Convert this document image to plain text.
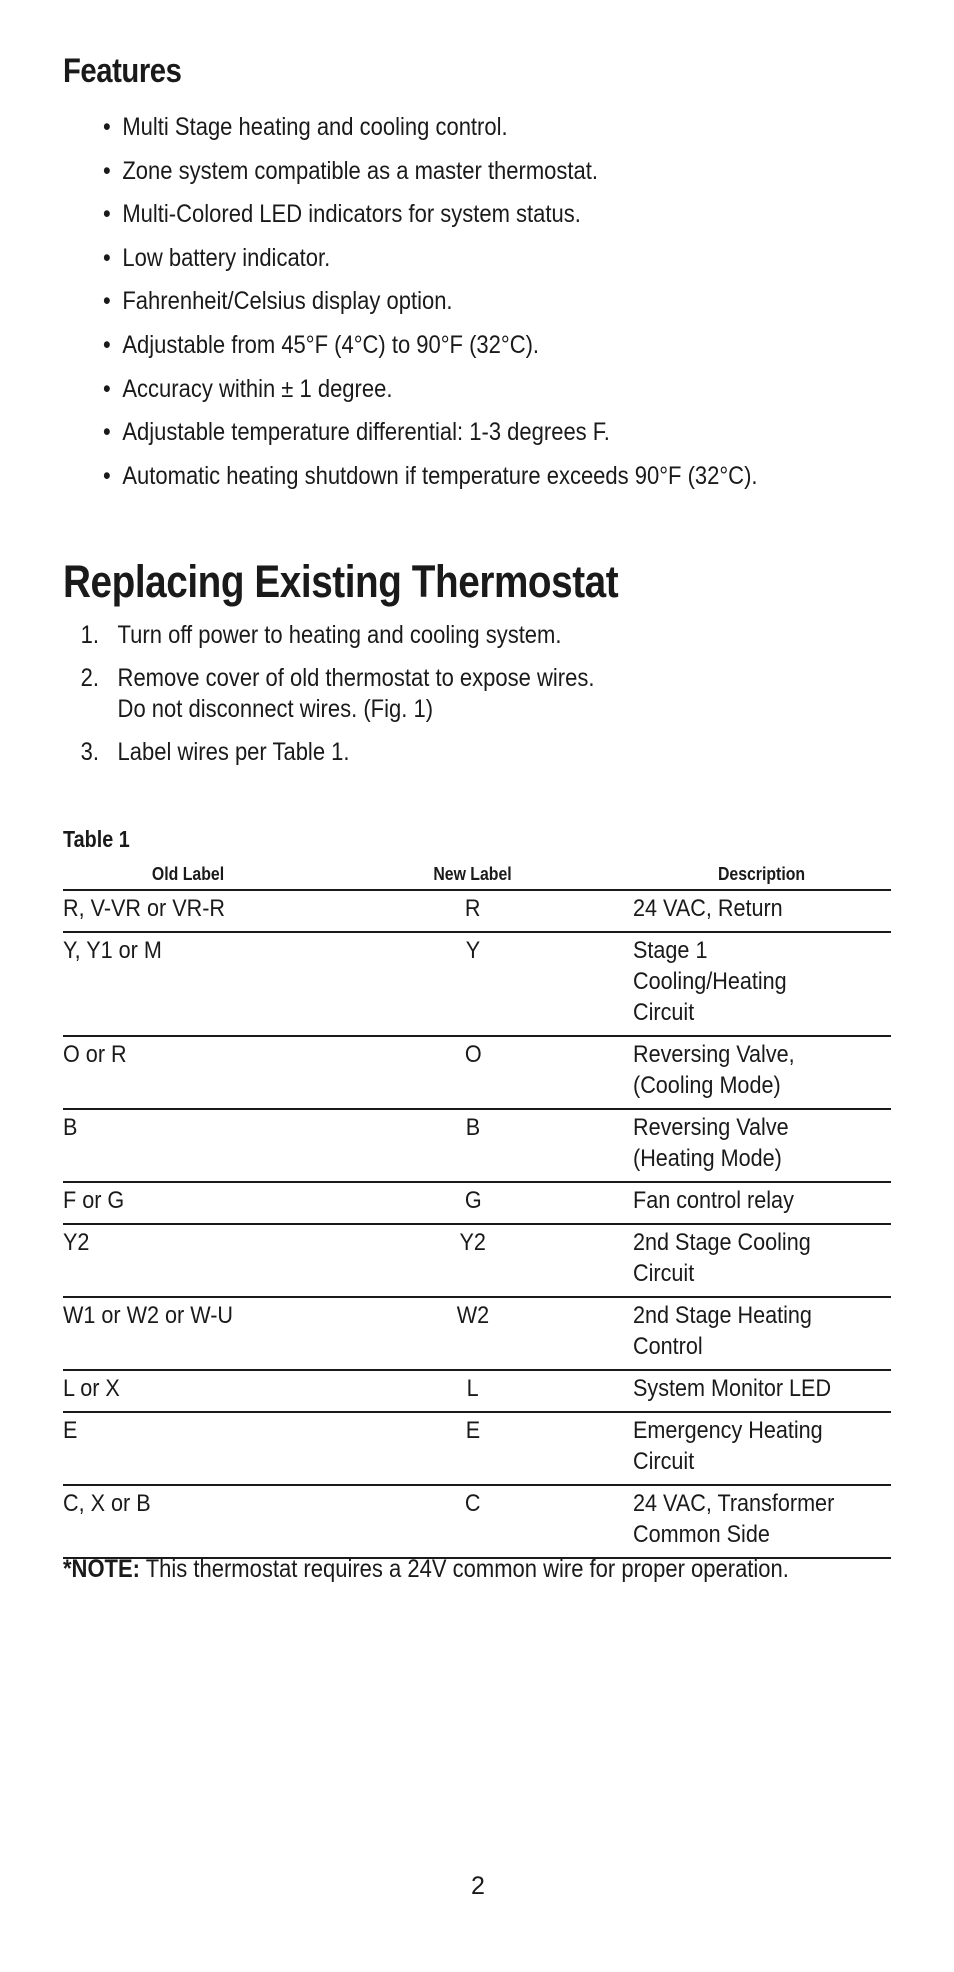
Features
• Multi Stage heating and cooling control.
• Zone system compatible as a master thermostat.
• Multi-Colored LED indicators for system status.
• Low battery indicator.
• Fahrenheit/Celsius display option.
• Adjustable from 45°F (4°C) to 90°F (32°C).
• Accuracy within ± 1 degree.
• Adjustable temperature differential: 1-3 degrees F.
• Automatic heating shutdown if temperature exceeds 90°F (32°C).
Replacing Existing Thermostat
1. Turn off power to heating and cooling system.
2. Remove cover of old thermostat to expose wires.
Do not disconnect wires. (Fig. 1)
3. Label wires per Table 1.
Table 1
Old Label	New Label	Description
R, V-VR or VR-R	R	24 VAC, Return
Y, Y1 or M	Y	Stage 1 Cooling/Heating
Circuit
O or R	O	Reversing Valve,
(Cooling Mode)
B	B	Reversing Valve
(Heating Mode)
F or G	G	Fan control relay
Y2	Y2	2nd Stage Cooling
Circuit
W1 or W2 or W-U	W2	2nd Stage Heating
Control
L or X	L	System Monitor LED
E	E	Emergency Heating
Circuit
C, X or B	C	24 VAC, Transformer
Common Side

*NOTE: This thermostat requires a 24V common wire for proper operation.

2
